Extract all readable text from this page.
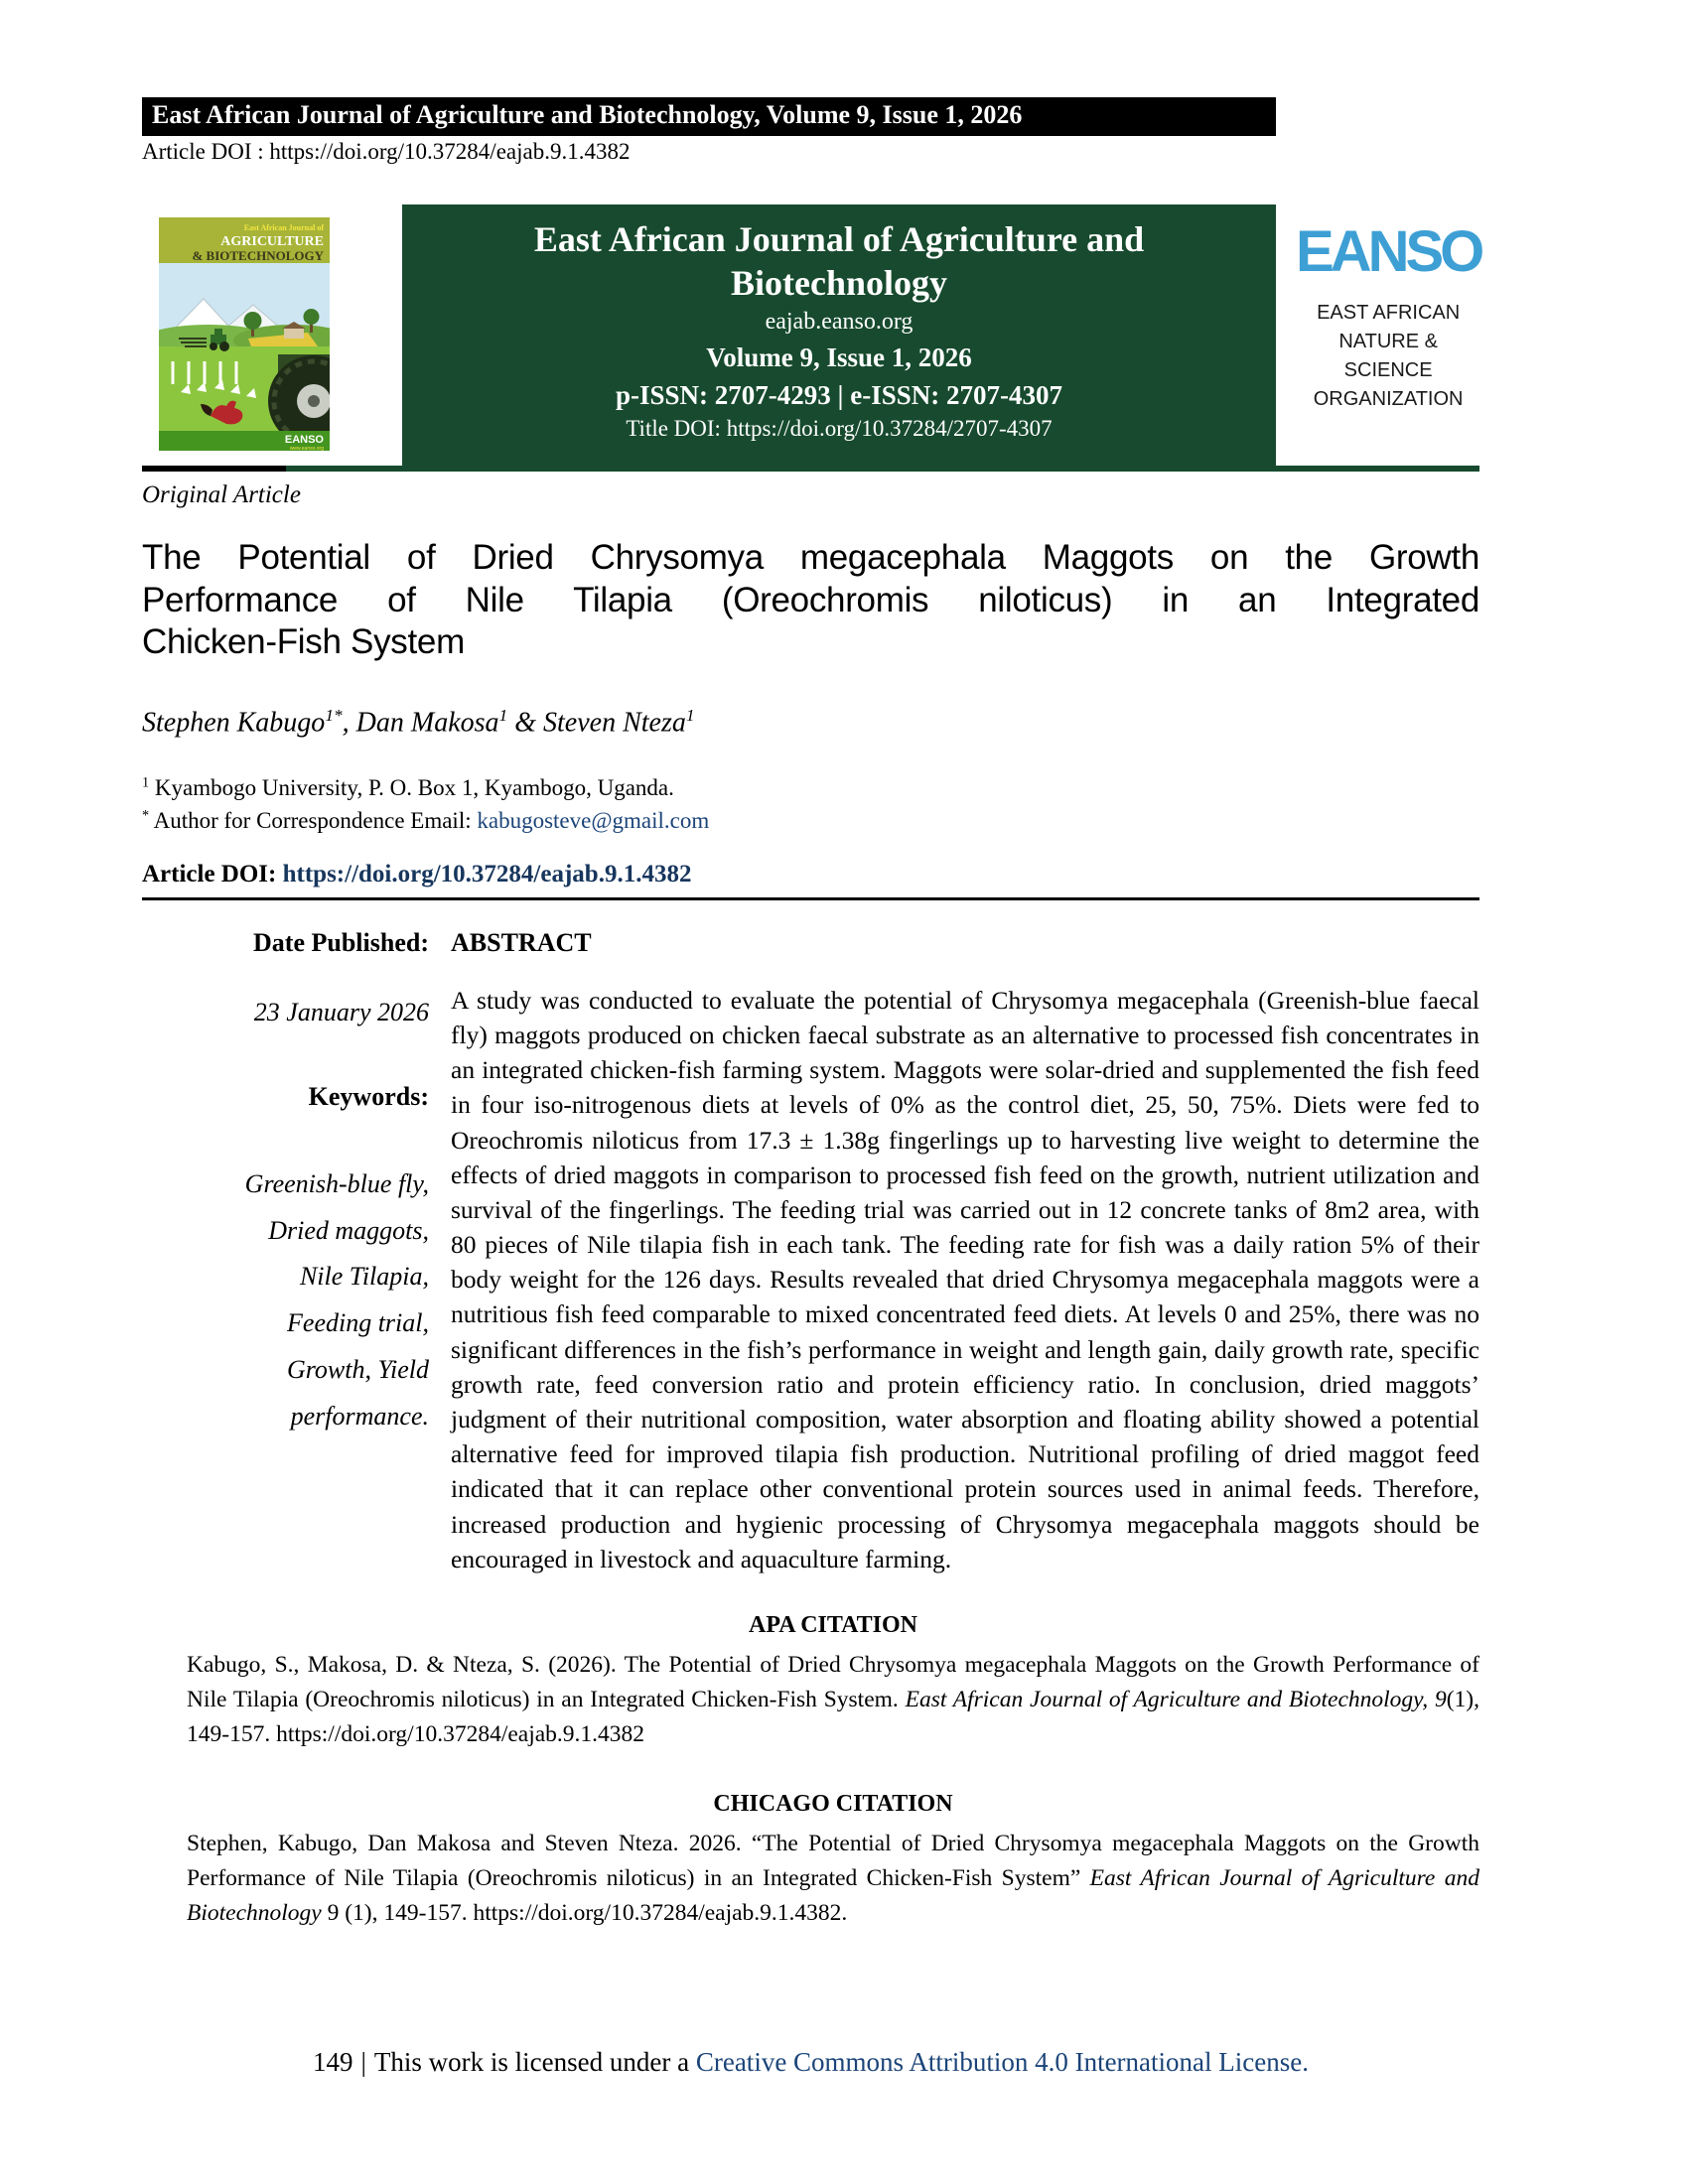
East African Journal of Agriculture and Biotechnology, Volume 9, Issue 1, 2026
Article DOI : https://doi.org/10.37284/eajab.9.1.4382
East African Journal of
AGRICULTURE
& BIOTECHNOLOGY
EANSO
www.eanso.org
East African Journal of Agriculture and
Biotechnology
eajab.eanso.org
Volume 9, Issue 1, 2026
p-ISSN: 2707-4293 | e-ISSN: 2707-4307
Title DOI: https://doi.org/10.37284/2707-4307
EANSO
EAST AFRICAN
NATURE &
SCIENCE
ORGANIZATION
Original Article
The Potential of Dried Chrysomya megacephala Maggots on the Growth
Performance of Nile Tilapia (Oreochromis niloticus) in an Integrated
Chicken-Fish System
Stephen Kabugo$^{1*}$, Dan Makosa$^1$ & Steven Nteza$^1$
$^1$ Kyambogo University, P. O. Box 1, Kyambogo, Uganda.
* Author for Correspondence Email: kabugosteve@gmail.com
Article DOI: https://doi.org/10.37284/eajab.9.1.4382
Date Published:
23 January 2026
Keywords:
Greenish-blue fly, Dried maggots, Nile Tilapia, Feeding trial, Growth, Yield performance.
ABSTRACT
A study was conducted to evaluate the potential of Chrysomya megacephala (Greenish-blue faecal fly) maggots produced on chicken faecal substrate as an alternative to processed fish concentrates in an integrated chicken-fish farming system. Maggots were solar-dried and supplemented the fish feed in four iso-nitrogenous diets at levels of 0% as the control diet, 25, 50, 75%. Diets were fed to Oreochromis niloticus from 17.3 ± 1.38g fingerlings up to harvesting live weight to determine the effects of dried maggots in comparison to processed fish feed on the growth, nutrient utilization and survival of the fingerlings. The feeding trial was carried out in 12 concrete tanks of 8m2 area, with 80 pieces of Nile tilapia fish in each tank. The feeding rate for fish was a daily ration 5% of their body weight for the 126 days. Results revealed that dried Chrysomya megacephala maggots were a nutritious fish feed comparable to mixed concentrated feed diets. At levels 0 and 25%, there was no significant differences in the fish’s performance in weight and length gain, daily growth rate, specific growth rate, feed conversion ratio and protein efficiency ratio. In conclusion, dried maggots’ judgment of their nutritional composition, water absorption and floating ability showed a potential alternative feed for improved tilapia fish production. Nutritional profiling of dried maggot feed indicated that it can replace other conventional protein sources used in animal feeds. Therefore, increased production and hygienic processing of Chrysomya megacephala maggots should be encouraged in livestock and aquaculture farming.
APA CITATION
Kabugo, S., Makosa, D. & Nteza, S. (2026). The Potential of Dried Chrysomya megacephala Maggots on the Growth Performance of Nile Tilapia (Oreochromis niloticus) in an Integrated Chicken-Fish System. East African Journal of Agriculture and Biotechnology, 9(1), 149-157. https://doi.org/10.37284/eajab.9.1.4382
CHICAGO CITATION
Stephen, Kabugo, Dan Makosa and Steven Nteza. 2026. “The Potential of Dried Chrysomya megacephala Maggots on the Growth Performance of Nile Tilapia (Oreochromis niloticus) in an Integrated Chicken-Fish System” East African Journal of Agriculture and Biotechnology 9 (1), 149-157. https://doi.org/10.37284/eajab.9.1.4382.
149 | This work is licensed under a Creative Commons Attribution 4.0 International License.
